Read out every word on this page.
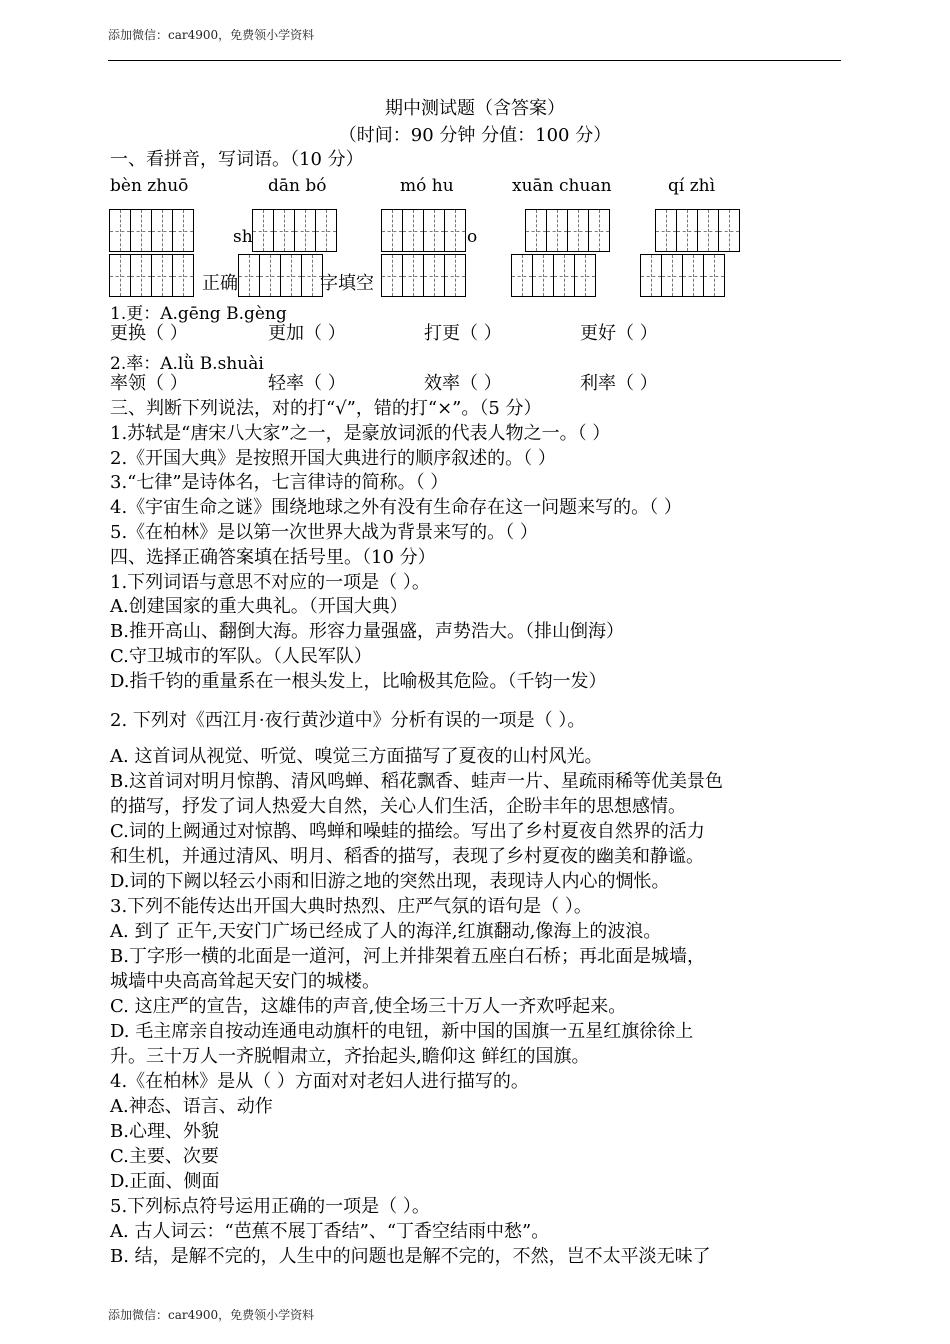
添加微信：car4900，免费领小学资料
期中测试题（含答案）
（时间：90 分钟 分值：100 分）
一、看拼音，写词语。（10 分）
bèn zhuō	dān bó	mó hu	xuān chuan	qí zhì
sh	o
正确	字填空
1.更：A.gēng B.gèng
更换（ ）	更加（ ）	打更（ ）	更好（ ）
2.率：A.lǜ B.shuài
率领（ ）	轻率（ ）	效率（ ）	利率（ ）
三、判断下列说法，对的打“√”，错的打“×”。（5 分）
1.苏轼是“唐宋八大家”之一，是豪放词派的代表人物之一。（ ）
2.《开国大典》是按照开国大典进行的顺序叙述的。（ ）
3.“七律”是诗体名，七言律诗的简称。（ ）
4.《宇宙生命之谜》围绕地球之外有没有生命存在这一问题来写的。（ ）
5.《在柏林》是以第一次世界大战为背景来写的。（ ）
四、选择正确答案填在括号里。（10 分）
1.下列词语与意思不对应的一项是（ ）。
A.创建国家的重大典礼。（开国大典）
B.推开高山、翻倒大海。形容力量强盛，声势浩大。（排山倒海）
C.守卫城市的军队。（人民军队）
D.指千钧的重量系在一根头发上，比喻极其危险。（千钧一发）
2. 下列对《西江月·夜行黄沙道中》分析有误的一项是（ ）。
A. 这首词从视觉、听觉、嗅觉三方面描写了夏夜的山村风光。
B.这首词对明月惊鹊、清风鸣蝉、稻花飘香、蛙声一片、星疏雨稀等优美景色
的描写，抒发了词人热爱大自然，关心人们生活，企盼丰年的思想感情。
C.词的上阙通过对惊鹊、鸣蝉和噪蛙的描绘。写出了乡村夏夜自然界的活力
和生机，并通过清风、明月、稻香的描写，表现了乡村夏夜的幽美和静谧。
D.词的下阙以轻云小雨和旧游之地的突然出现，表现诗人内心的惆怅。
3.下列不能传达出开国大典时热烈、庄严气氛的语句是（ ）。
A. 到了 正午,天安门广场已经成了人的海洋,红旗翻动,像海上的波浪。
B.丁字形一横的北面是一道河，河上并排架着五座白石桥；再北面是城墙，
城墙中央高高耸起天安门的城楼。
C. 这庄严的宣告，这雄伟的声音,使全场三十万人一齐欢呼起来。
D. 毛主席亲自按动连通电动旗杆的电钮，新中国的国旗一五星红旗徐徐上
升。三十万人一齐脱帽肃立，齐抬起头,瞻仰这 鲜红的国旗。
4.《在柏林》是从（ ）方面对对老妇人进行描写的。
A.神态、语言、动作
B.心理、外貌
C.主要、次要
D.正面、侧面
5.下列标点符号运用正确的一项是（ ）。
A. 古人词云：“芭蕉不展丁香结”、“丁香空结雨中愁”。
B. 结，是解不完的，人生中的问题也是解不完的，不然，岂不太平淡无味了
添加微信：car4900，免费领小学资料
